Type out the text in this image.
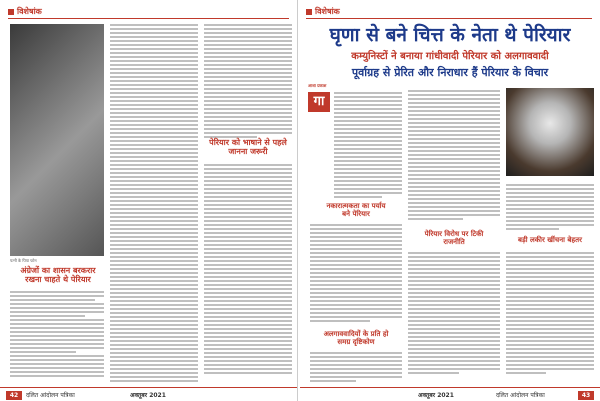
विशेषांक
पत्नी के पिया फोन
अंग्रेजों का शासन बरकरार
रखना चाहते थे पेरियार
पेरियार को भाषाने से पहले
जानना जरूरी
42	दलित आंदोलन पत्रिका	अक्तूबर 2021
विशेषांक
घृणा से बने चित्त के नेता थे पेरियार
कम्युनिस्टों ने बनाया गांधीवादी पेरियार को अलगाववादी
पूर्वाग्रह से प्रेरित और निराधार हैं पेरियार के विचार
आशा प्रकाश
गा
नकारात्मकता का पर्याय
बने पेरियार
अलगाववादियों के प्रति हो
समग्र दृष्टिकोण
पेरियार विरोध पर टिकी
राजनीति	बड़ी लकीर खींचना बेहतर
अक्तूबर 2021	दलित आंदोलन पत्रिका	43
